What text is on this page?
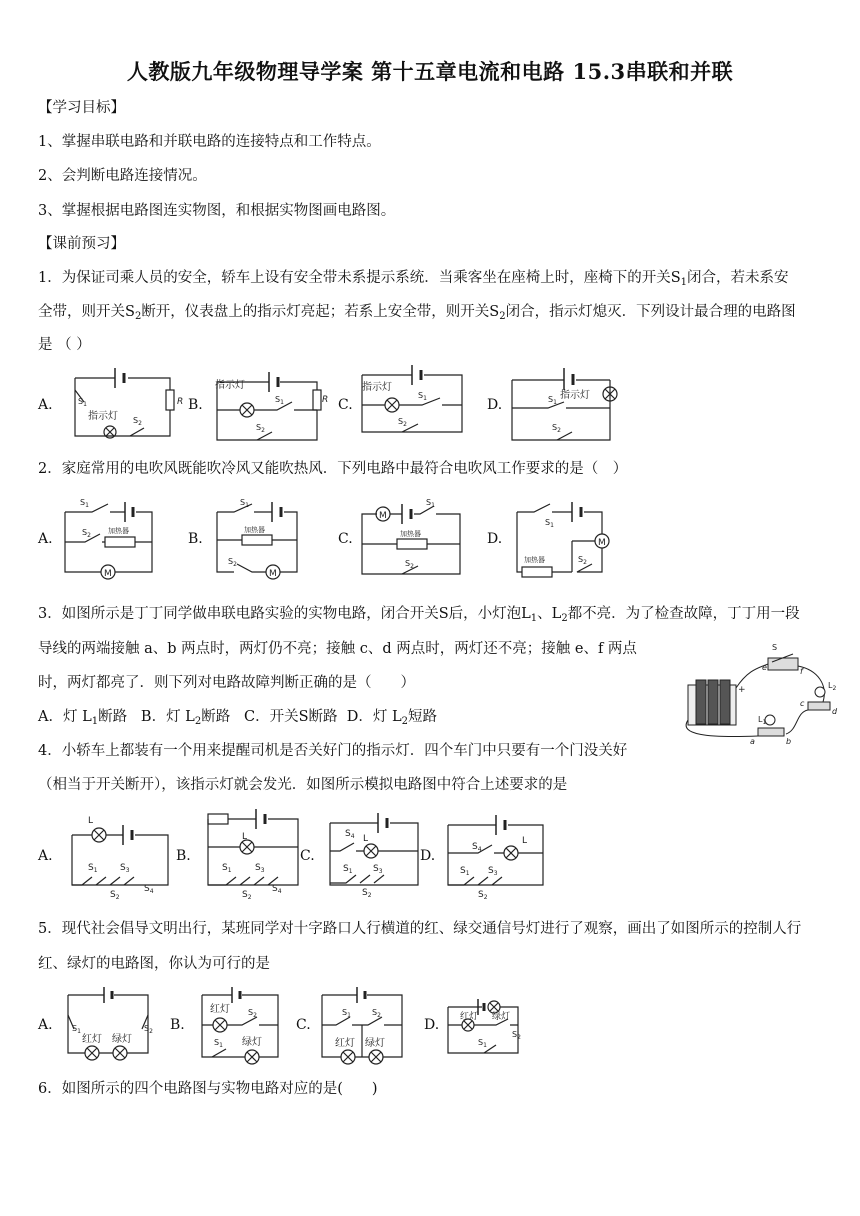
人教版九年级物理导学案 第十五章电流和电路 15.3串联和并联
【学习目标】
1、掌握串联电路和并联电路的连接特点和工作特点。
2、会判断电路连接情况。
3、掌握根据电路图连实物图，和根据实物图画电路图。
【课前预习】
1．为保证司乘人员的安全，轿车上设有安全带未系提示系统．当乘客坐在座椅上时，座椅下的开关$S_1$闭合，若未系安
全带，则开关$S_2$断开，仪表盘上的指示灯亮起；若系上安全带，则开关$S_2$闭合，指示灯熄灭．下列设计最合理的电路图
是 （ ）
A.	B.	C.	D.
$S_1$	R
指示灯 $S_2$
指示灯
$S_1$	R
$S_2$
指示灯
$S_1$
$S_2$
$S_1$
指示灯
$S_2$
2．家庭常用的电吹风既能吹冷风又能吹热风．下列电路中最符合电吹风工作要求的是（　）
A.	B.	C.	D.
$S_1$
$S_2$
加热器
M
$S_1$
加热器
$S_2$
M
M
$S_1$
加热器
$S_2$
$S_1$
M
加热器	$S_2$
3．如图所示是丁丁同学做串联电路实验的实物电路，闭合开关S后，小灯泡$L_1$、$L_2$都不亮．为了检查故障，丁丁用一段
导线的两端接触 a、b 两点时，两灯仍不亮；接触 c、d 两点时，两灯还不亮；接触 e、f 两点
时，两灯都亮了．则下列对电路故障判断正确的是（　　）
A．灯 $L_1$断路 B．灯 $L_2$断路 C．开关S断路 D．灯 $L_2$短路
+
S
e	f
$L_2$
c
d
$L_1$
a	b
4．小轿车上都装有一个用来提醒司机是否关好门的指示灯．四个车门中只要有一个门没关好
（相当于开关断开），该指示灯就会发光．如图所示模拟电路图中符合上述要求的是
A.	B.	C.	D.
L
$S_1$ $S_3$
$S_2$
$S_4$
L
$S_1$	$S_3$
$S_2$
$S_4$
$S_4$ L
$S_1$ $S_3$
$S_2$
$S_4$
L
$S_1$ $S_3$
$S_2$
5．现代社会倡导文明出行，某班同学对十字路口人行横道的红、绿交通信号灯进行了观察，画出了如图所示的控制人行
红、绿灯的电路图，你认为可行的是
A.	B.	C.	D.
$S_1$	$S_2$
红灯 绿灯
红灯 $S_2$
$S_1$ 绿灯
$S_1$	$S_2$
红灯 绿灯
红灯 绿灯
$S_2$
$S_1$
6．如图所示的四个电路图与实物电路对应的是(　　)
